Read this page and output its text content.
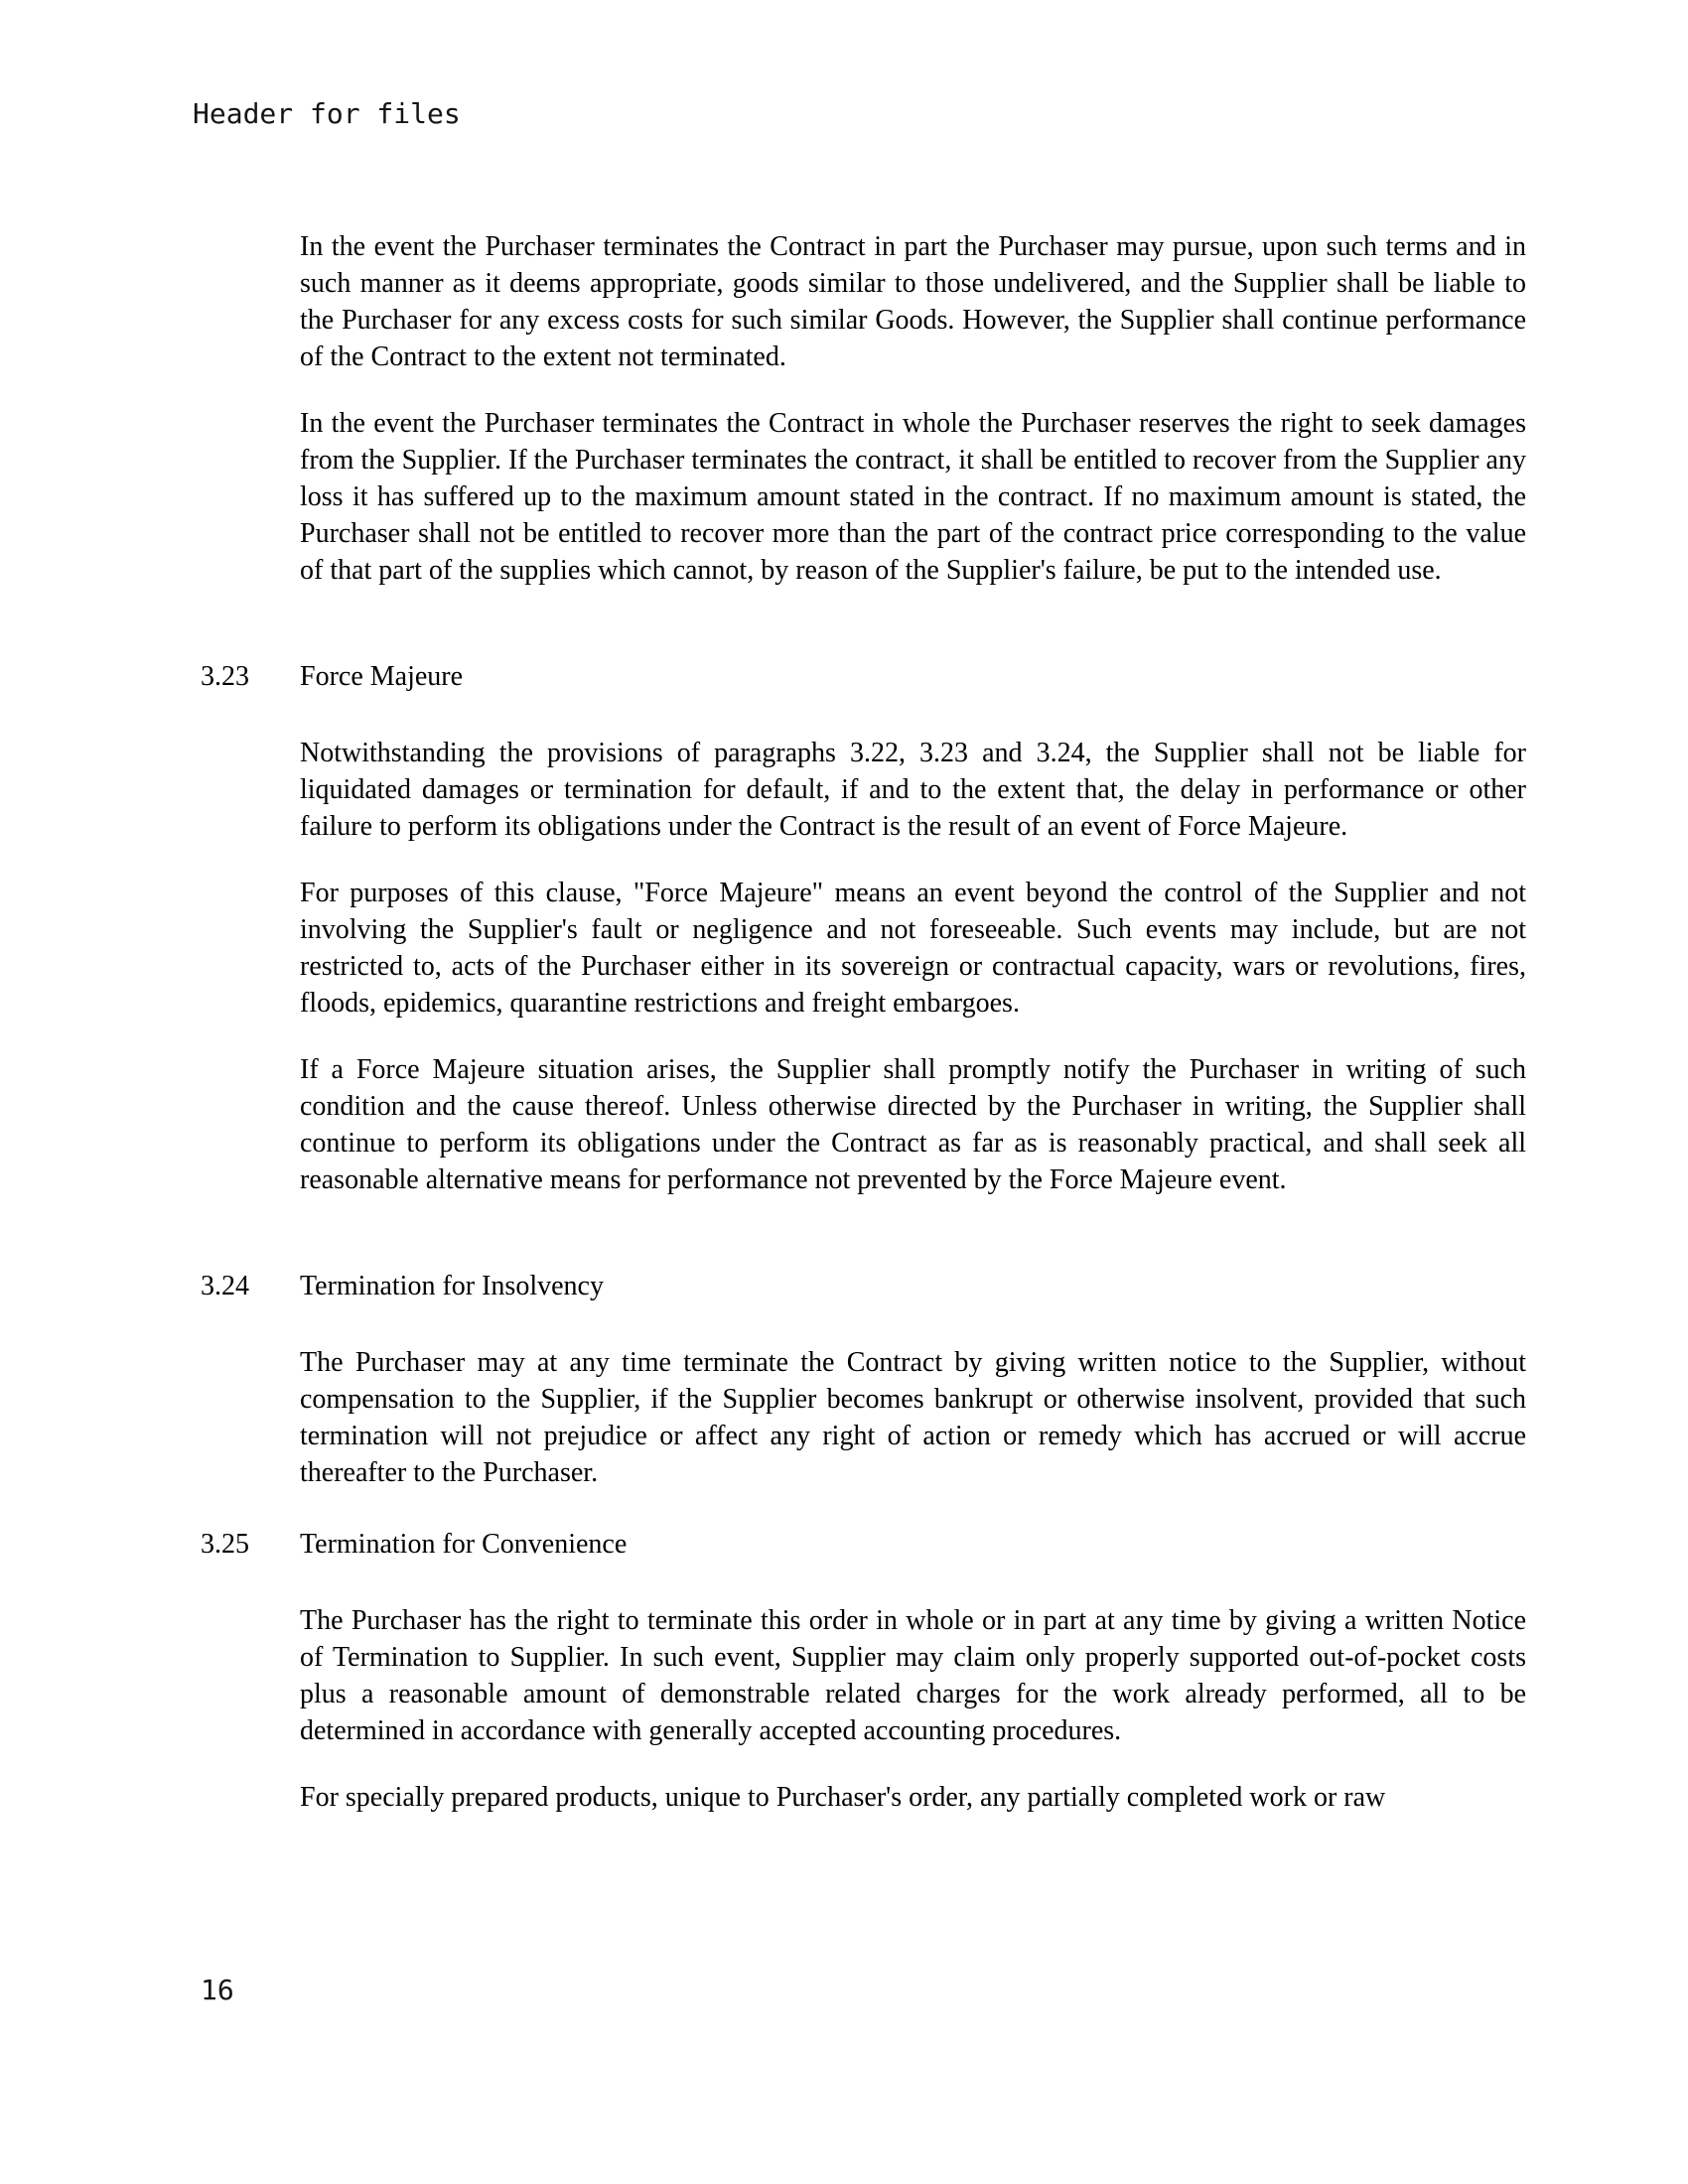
Header for files

In the event the Purchaser terminates the Contract in part the Purchaser may pursue, upon such terms and in such manner as it deems appropriate, goods similar to those undelivered, and the Supplier shall be liable to the Purchaser for any excess costs for such similar Goods. However, the Supplier shall continue performance of the Contract to the extent not terminated.

In the event the Purchaser terminates the Contract in whole the Purchaser reserves the right to seek damages from the Supplier. If the Purchaser terminates the contract, it shall be entitled to recover from the Supplier any loss it has suffered up to the maximum amount stated in the contract. If no maximum amount is stated, the Purchaser shall not be entitled to recover more than the part of the contract price corresponding to the value of that part of the supplies which cannot, by reason of the Supplier's failure, be put to the intended use.

3.23	Force Majeure

Notwithstanding the provisions of paragraphs 3.22, 3.23 and 3.24, the Supplier shall not be liable for liquidated damages or termination for default, if and to the extent that, the delay in performance or other failure to perform its obligations under the Contract is the result of an event of Force Majeure.

For purposes of this clause, "Force Majeure" means an event beyond the control of the Supplier and not involving the Supplier's fault or negligence and not foreseeable. Such events may include, but are not restricted to, acts of the Purchaser either in its sovereign or contractual capacity, wars or revolutions, fires, floods, epidemics, quarantine restrictions and freight embargoes.

If a Force Majeure situation arises, the Supplier shall promptly notify the Purchaser in writing of such condition and the cause thereof. Unless otherwise directed by the Purchaser in writing, the Supplier shall continue to perform its obligations under the Contract as far as is reasonably practical, and shall seek all reasonable alternative means for performance not prevented by the Force Majeure event.

3.24	Termination for Insolvency

The Purchaser may at any time terminate the Contract by giving written notice to the Supplier, without compensation to the Supplier, if the Supplier becomes bankrupt or otherwise insolvent, provided that such termination will not prejudice or affect any right of action or remedy which has accrued or will accrue thereafter to the Purchaser.

3.25	Termination for Convenience

The Purchaser has the right to terminate this order in whole or in part at any time by giving a written Notice of Termination to Supplier. In such event, Supplier may claim only properly supported out-of-pocket costs plus a reasonable amount of demonstrable related charges for the work already performed, all to be determined in accordance with generally accepted accounting procedures.

For specially prepared products, unique to Purchaser's order, any partially completed work or raw

16
